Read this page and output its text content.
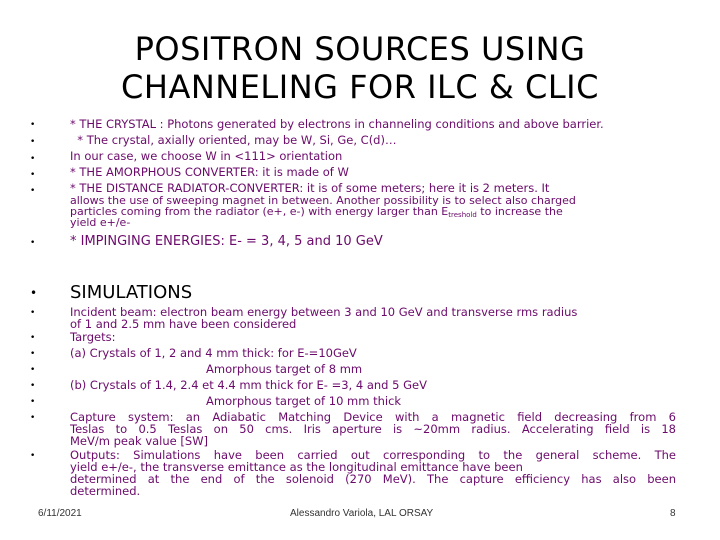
POSITRON SOURCES USING
CHANNELING FOR ILC & CLIC
•
•
•
•
•
•
* THE CRYSTAL : Photons generated by electrons in channeling conditions and above barrier.
* The crystal, axially oriented, may be W, Si, Ge, C(d)…
In our case, we choose W in <111> orientation
* THE AMORPHOUS CONVERTER: it is made of W
* THE DISTANCE RADIATOR-CONVERTER: it is of some meters; here it is 2 meters. It
allows the use of sweeping magnet in between. Another possibility is to select also charged
particles coming from the radiator (e+, e-) with energy larger than $E_{treshold}$ to increase the
yield e+/e-
* IMPINGING ENERGIES: E- = 3, 4, 5 and 10 GeV
• SIMULATIONS
•
•
•
•
•
•
•
•
Incident beam: electron beam energy between 3 and 10 GeV and transverse rms radius
of 1 and 2.5 mm have been considered
Targets:
(a) Crystals of 1, 2 and 4 mm thick: for E-=10GeV
Amorphous target of 8 mm
(b) Crystals of 1.4, 2.4 et 4.4 mm thick for E- =3, 4 and 5 GeV
Amorphous target of 10 mm thick
Capture system: an Adiabatic Matching Device with a magnetic field decreasing from 6
Teslas to 0.5 Teslas on 50 cms. Iris aperture is ~20mm radius. Accelerating field is 18
MeV/m peak value [SW]
Outputs: Simulations have been carried out corresponding to the general scheme. The
yield e+/e-, the transverse emittance as the longitudinal emittance have been
determined at the end of the solenoid (270 MeV). The capture efficiency has also been
determined.
6/11/2021	Alessandro Variola, LAL ORSAY	8
